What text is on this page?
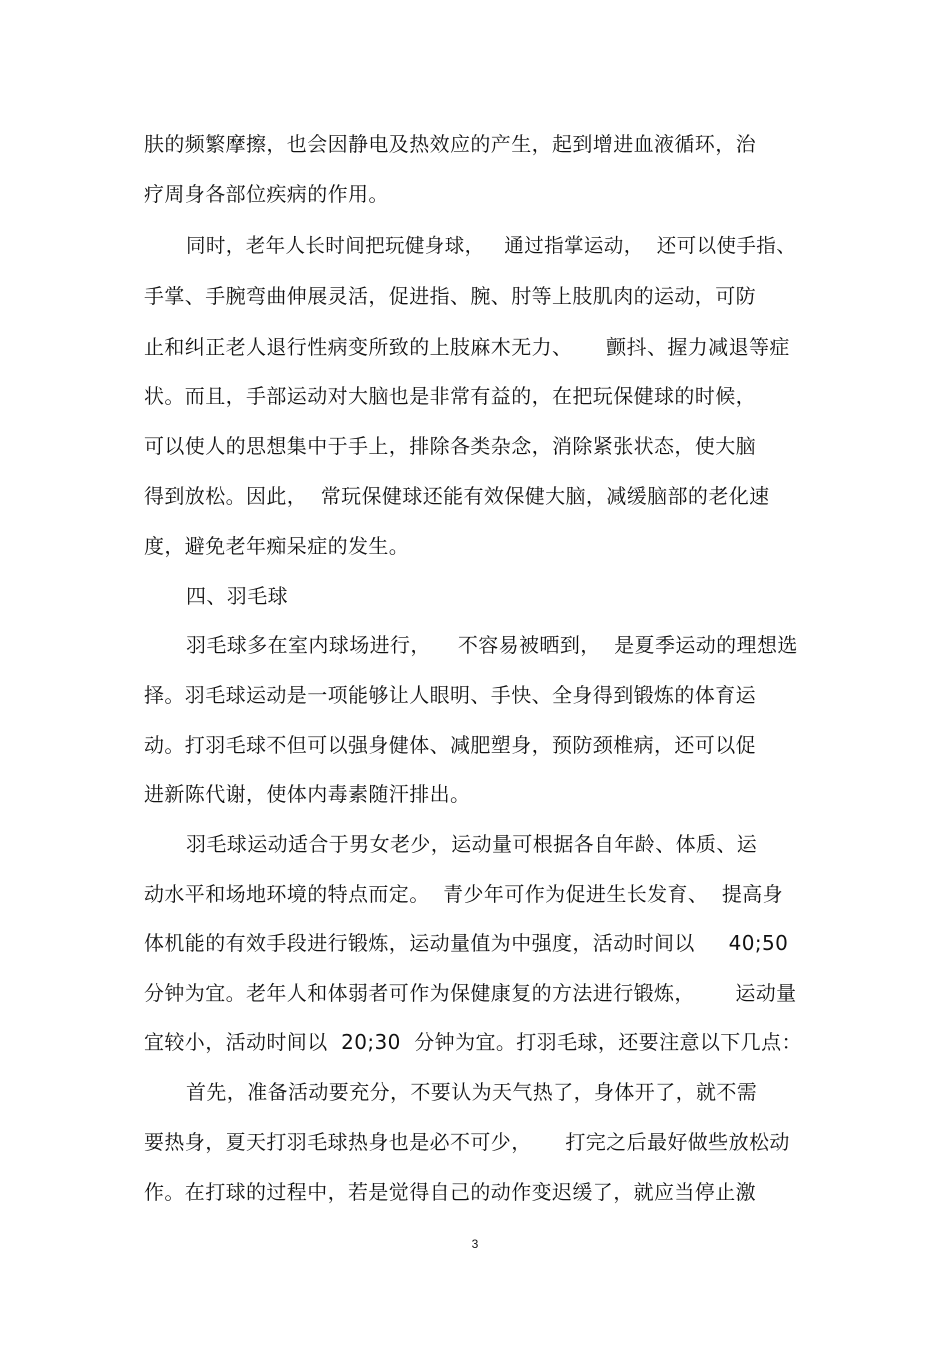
肤的频繁摩擦，也会因静电及热效应的产生，起到增进血液循环，治
疗周身各部位疾病的作用。
同时，老年人长时间把玩健身球，   通过指掌运动，  还可以使手指、
手掌、手腕弯曲伸展灵活，促进指、腕、肘等上肢肌肉的运动，可防
止和纠正老人退行性病变所致的上肢麻木无力、     颤抖、握力减退等症
状。而且，手部运动对大脑也是非常有益的，在把玩保健球的时候，
可以使人的思想集中于手上，排除各类杂念，消除紧张状态，使大脑
得到放松。因此，  常玩保健球还能有效保健大脑，减缓脑部的老化速
度，避免老年痴呆症的发生。
四、羽毛球
羽毛球多在室内球场进行，    不容易被晒到，  是夏季运动的理想选
择。羽毛球运动是一项能够让人眼明、手快、全身得到锻炼的体育运
动。打羽毛球不但可以强身健体、减肥塑身，预防颈椎病，还可以促
进新陈代谢，使体内毒素随汗排出。
羽毛球运动适合于男女老少，运动量可根据各自年龄、体质、运
动水平和场地环境的特点而定。  青少年可作为促进生长发育、  提高身
体机能的有效手段进行锻炼，运动量值为中强度，活动时间以     40;50
分钟为宜。老年人和体弱者可作为保健康复的方法进行锻炼，      运动量
宜较小，活动时间以  20;30  分钟为宜。打羽毛球，还要注意以下几点：
首先，准备活动要充分，不要认为天气热了，身体开了，就不需
要热身，夏天打羽毛球热身也是必不可少，     打完之后最好做些放松动
作。在打球的过程中，若是觉得自己的动作变迟缓了，就应当停止激
3
